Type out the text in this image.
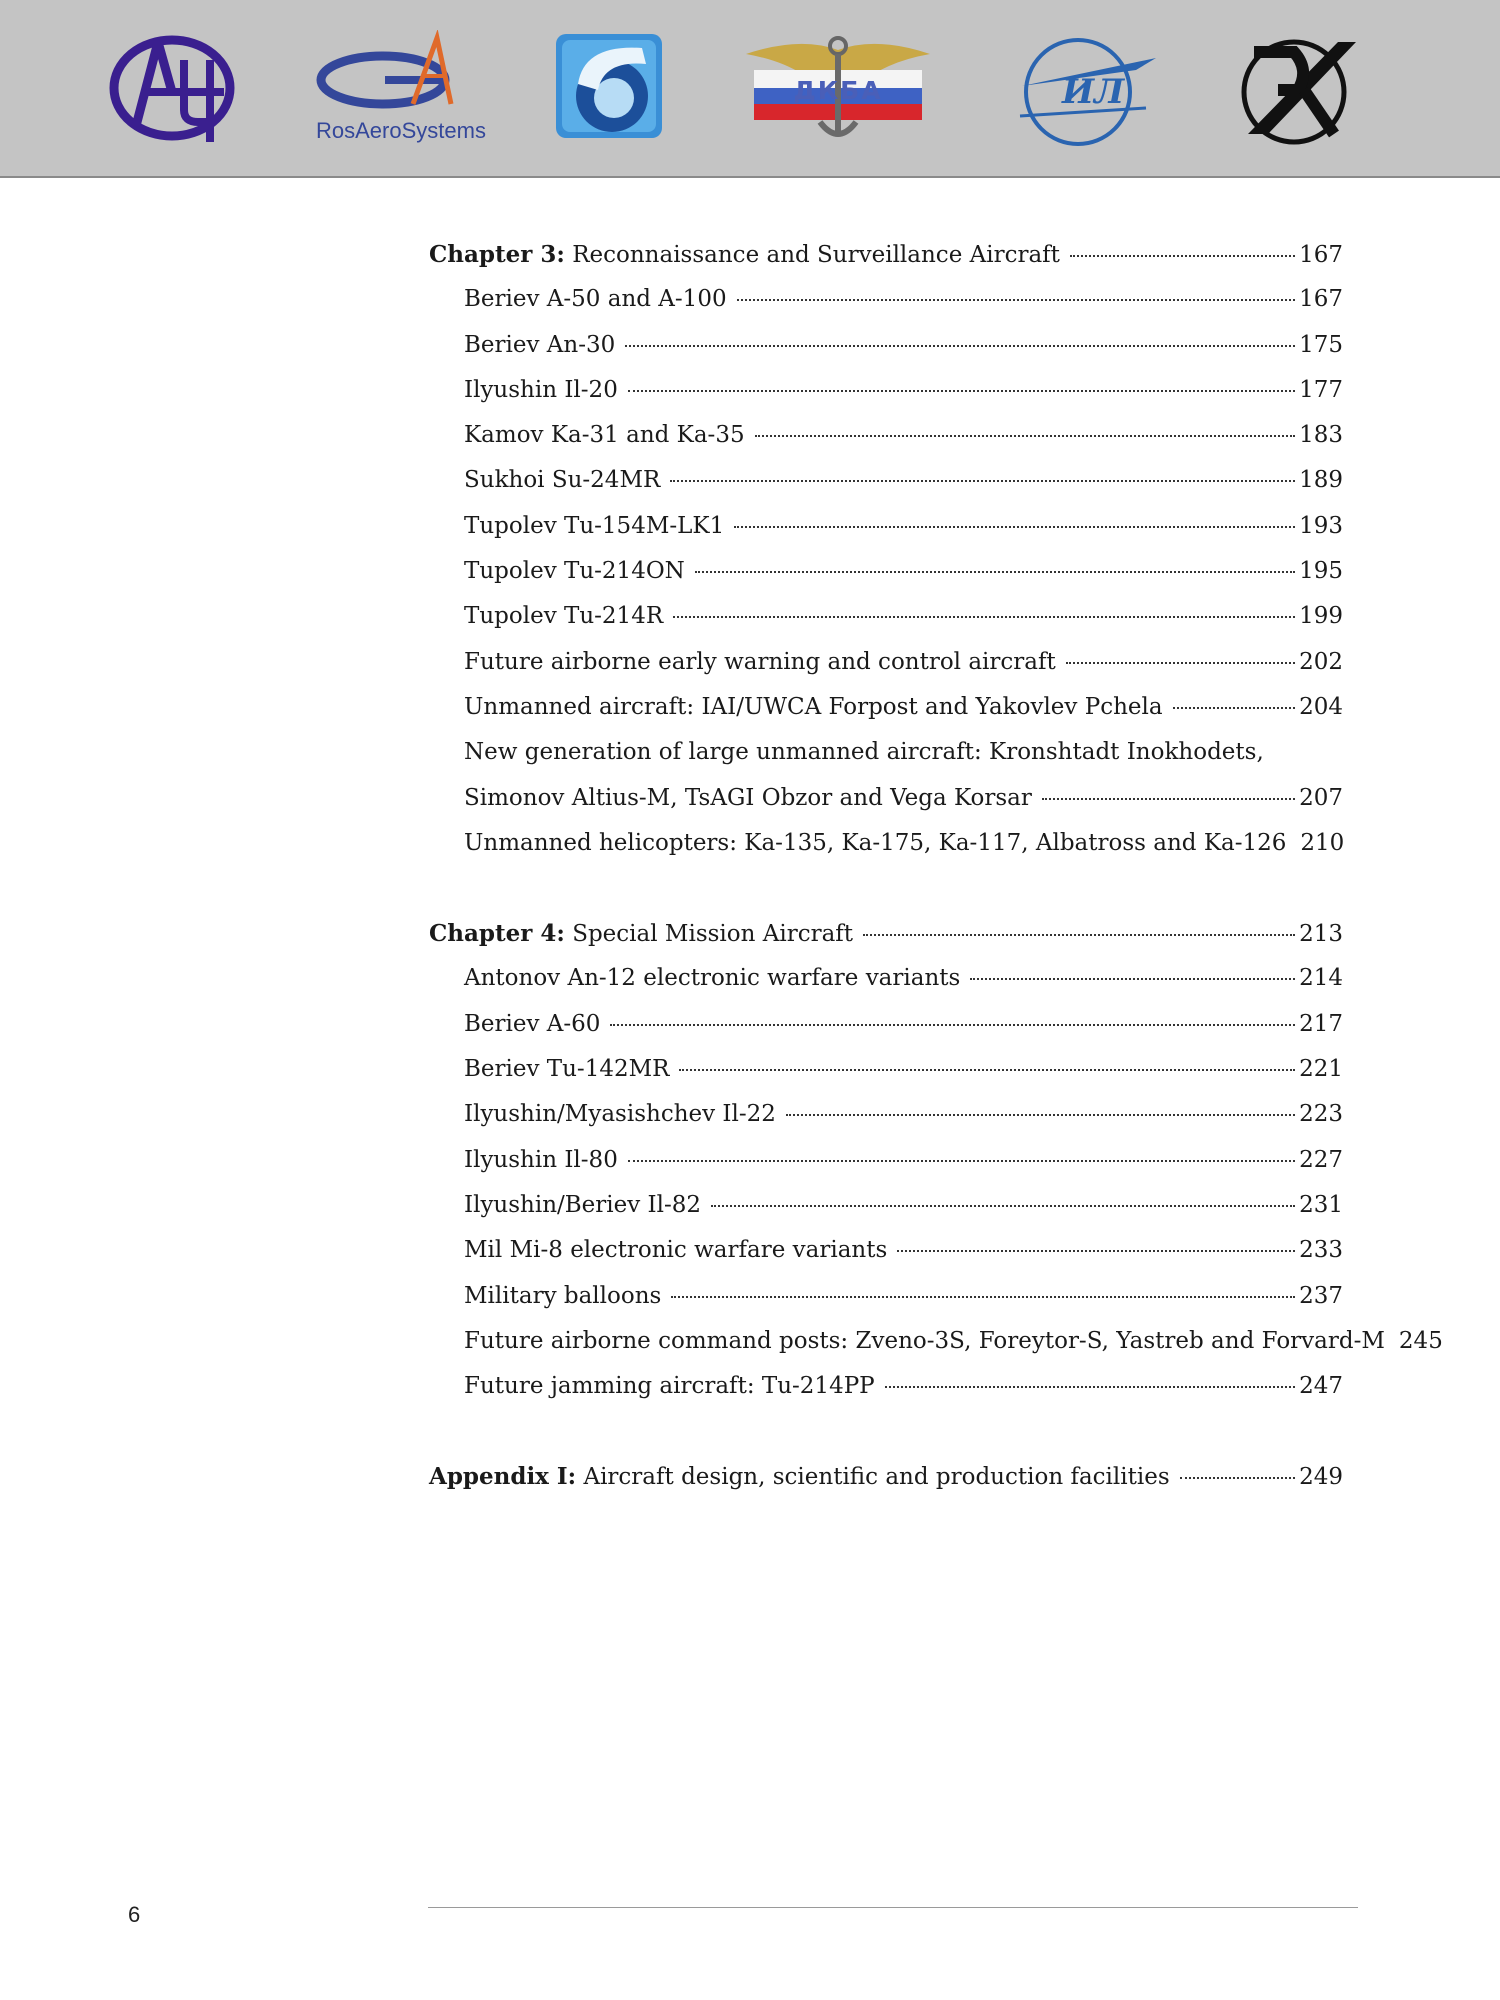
RosAeroSystems
ДКБА	ИЛ
Chapter 3: Reconnaissance and Surveillance Aircraft	167
Beriev A-50 and A-100	167
Beriev An-30	175
Ilyushin Il-20	177
Kamov Ka-31 and Ka-35	183
Sukhoi Su-24MR	189
Tupolev Tu-154M-LK1	193
Tupolev Tu-214ON	195
Tupolev Tu-214R	199
Future airborne early warning and control aircraft	202
Unmanned aircraft: IAI/UWCA Forpost and Yakovlev Pchela	204
New generation of large unmanned aircraft: Kronshtadt Inokhodets,
Simonov Altius-M, TsAGI Obzor and Vega Korsar	207
Unmanned helicopters: Ka-135, Ka-175, Ka-117, Albatross and Ka-126 210
Chapter 4: Special Mission Aircraft	213
Antonov An-12 electronic warfare variants	214
Beriev A-60	217
Beriev Tu-142MR	221
Ilyushin/Myasishchev Il-22	223
Ilyushin Il-80	227
Ilyushin/Beriev Il-82	231
Mil Mi-8 electronic warfare variants	233
Military balloons	237
Future airborne command posts: Zveno-3S, Foreytor-S, Yastreb and Forvard-M 245
Future jamming aircraft: Tu-214PP	247
Appendix I: Aircraft design, scientific and production facilities	249
6
